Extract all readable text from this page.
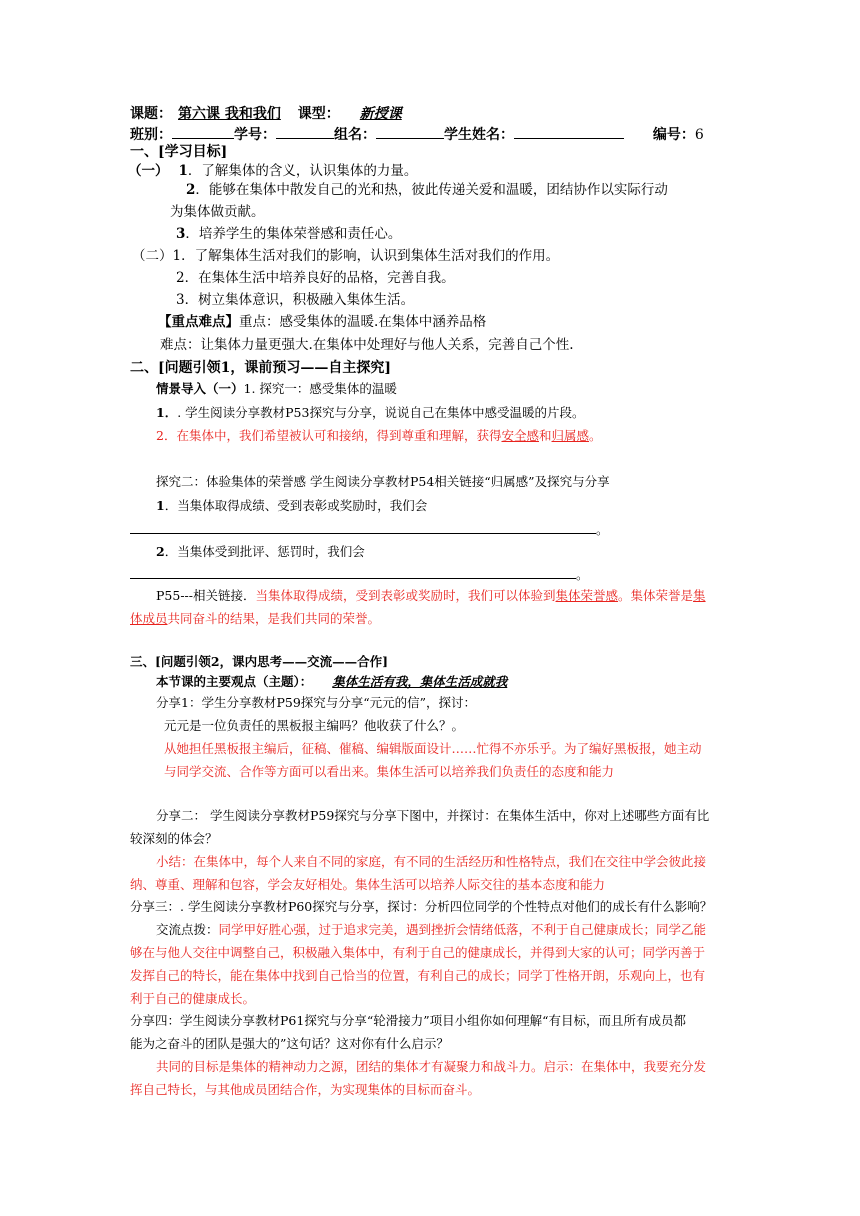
课题： 第六课 我和我们 课型： 新授课
班别：	学号：	组名：	学生姓名：	编号：6
一、[学习目标]
（一） 1．了解集体的含义，认识集体的力量。
2．能够在集体中散发自己的光和热，彼此传递关爱和温暖，团结协作以实际行动
为集体做贡献。
3．培养学生的集体荣誉感和责任心。
（二）1．了解集体生活对我们的影响，认识到集体生活对我们的作用。
2．在集体生活中培养良好的品格，完善自我。
3．树立集体意识，积极融入集体生活。
【重点难点】重点：感受集体的温暖.在集体中涵养品格
难点：让集体力量更强大.在集体中处理好与他人关系，完善自己个性.
二、[问题引领1，课前预习——自主探究]
情景导入（一）1. 探究一：感受集体的温暖
1．. 学生阅读分享教材P53探究与分享，说说自己在集体中感受温暖的片段。
2．在集体中，我们希望被认可和接纳，得到尊重和理解，获得安全感和归属感。
探究二：体验集体的荣誉感 学生阅读分享教材P54相关链接“归属感”及探究与分享
1．当集体取得成绩、受到表彰或奖励时，我们会
。
2．当集体受到批评、惩罚时，我们会
。
P55---相关链接．当集体取得成绩，受到表彰或奖励时，我们可以体验到集体荣誉感。集体荣誉是集
体成员共同奋斗的结果，是我们共同的荣誉。
三、[问题引领2，课内思考——交流——合作]
本节课的主要观点（主题）： 集体生活有我，集体生活成就我
分享1：学生分享教材P59探究与分享“元元的信”，探讨：
元元是一位负责任的黑板报主编吗？他收获了什么？。
从她担任黑板报主编后，征稿、催稿、编辑版面设计……忙得不亦乐乎。为了编好黑板报，她主动
与同学交流、合作等方面可以看出来。集体生活可以培养我们负责任的态度和能力
分享二： 学生阅读分享教材P59探究与分享下图中，并探讨：在集体生活中，你对上述哪些方面有比
较深刻的体会？
小结：在集体中，每个人来自不同的家庭，有不同的生活经历和性格特点，我们在交往中学会彼此接
纳、尊重、理解和包容，学会友好相处。集体生活可以培养人际交往的基本态度和能力
分享三：. 学生阅读分享教材P60探究与分享，探讨：分析四位同学的个性特点对他们的成长有什么影响？
交流点拨：同学甲好胜心强，过于追求完美，遇到挫折会情绪低落，不利于自己健康成长；同学乙能
够在与他人交往中调整自己，积极融入集体中，有利于自己的健康成长，并得到大家的认可；同学丙善于
发挥自己的特长，能在集体中找到自己恰当的位置，有利自己的成长；同学丁性格开朗，乐观向上，也有
利于自己的健康成长。
分享四：学生阅读分享教材P61探究与分享“轮滑接力”项目小组你如何理解“有目标，而且所有成员都
能为之奋斗的团队是强大的”这句话？这对你有什么启示？
共同的目标是集体的精神动力之源，团结的集体才有凝聚力和战斗力。启示：在集体中，我要充分发
挥自己特长，与其他成员团结合作，为实现集体的目标而奋斗。
